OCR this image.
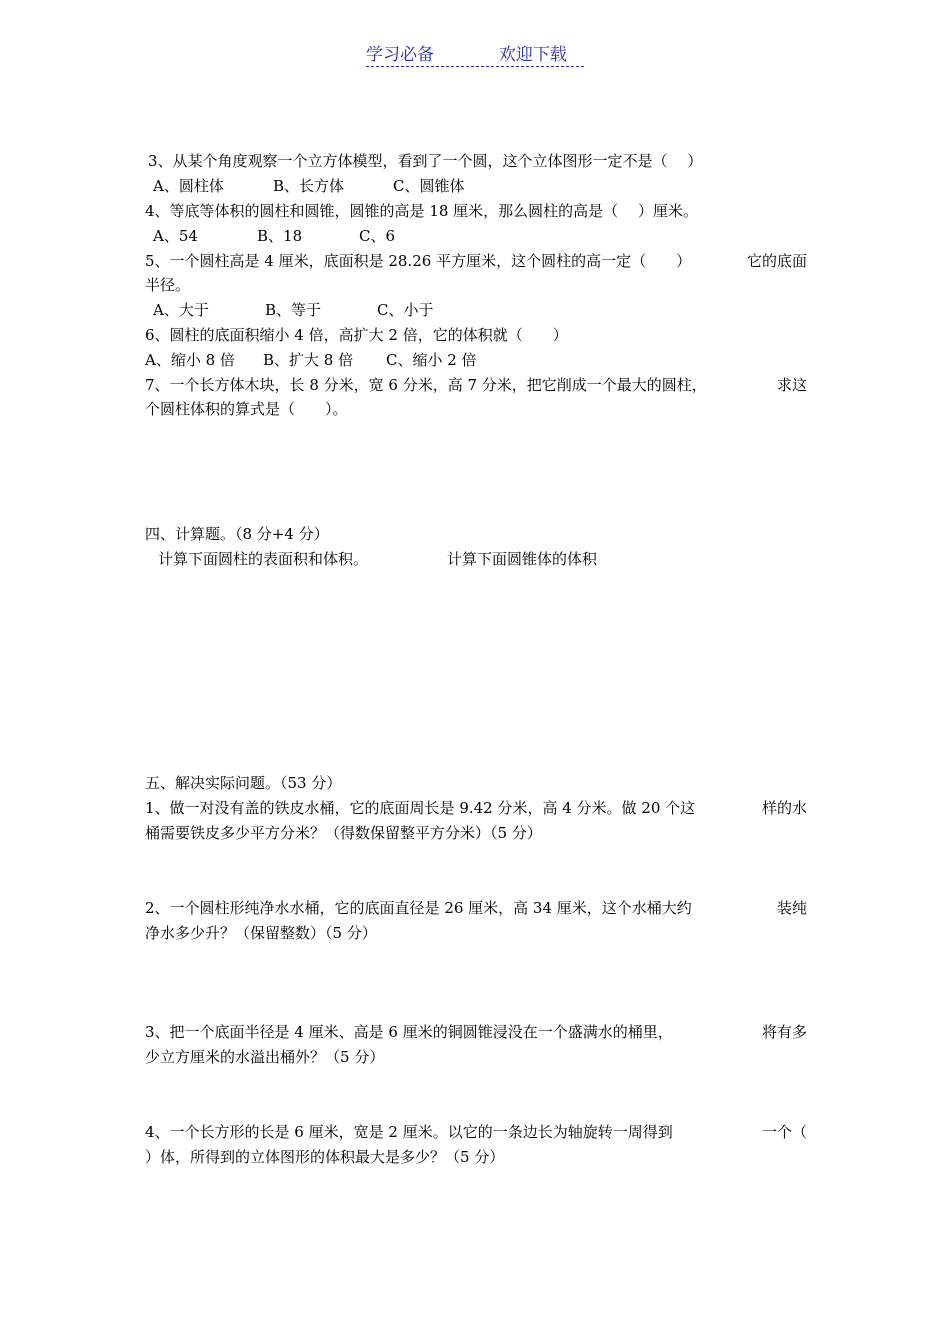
学习必备	欢迎下载
3、从某个角度观察一个立方体模型，看到了一个圆，这个立体图形一定不是（　 ）
A、圆柱体	B、长方体	C、圆锥体
4、等底等体积的圆柱和圆锥，圆锥的高是 18 厘米，那么圆柱的高是（　 ）厘米。
A、54	B、18	C、6
5、一个圆柱高是 4 厘米，底面积是 28.26 平方厘米，这个圆柱的高一定（　　）	它的底面
半径。
A、大于	B、等于	C、小于
6、圆柱的底面积缩小 4 倍，高扩大 2 倍，它的体积就（　　）
A、缩小 8 倍 B、扩大 8 倍 C、缩小 2 倍
7、一个长方体木块，长 8 分米，宽 6 分米，高 7 分米，把它削成一个最大的圆柱，	求这
个圆柱体积的算式是（　　）。
四、计算题。（8 分+4 分）
计算下面圆柱的表面积和体积。	计算下面圆锥体的体积
五、解决实际问题。（53 分）
1、做一对没有盖的铁皮水桶，它的底面周长是 9.42 分米，高 4 分米。做 20 个这	样的水
桶需要铁皮多少平方分米？（得数保留整平方分米）（5 分）
2、一个圆柱形纯净水水桶，它的底面直径是 26 厘米，高 34 厘米，这个水桶大约	装纯
净水多少升？（保留整数）（5 分）
3、把一个底面半径是 4 厘米、高是 6 厘米的铜圆锥浸没在一个盛满水的桶里，	将有多
少立方厘米的水溢出桶外？（5 分）
4、一个长方形的长是 6 厘米，宽是 2 厘米。以它的一条边长为轴旋转一周得到	一个（
）体，所得到的立体图形的体积最大是多少？（5 分）
